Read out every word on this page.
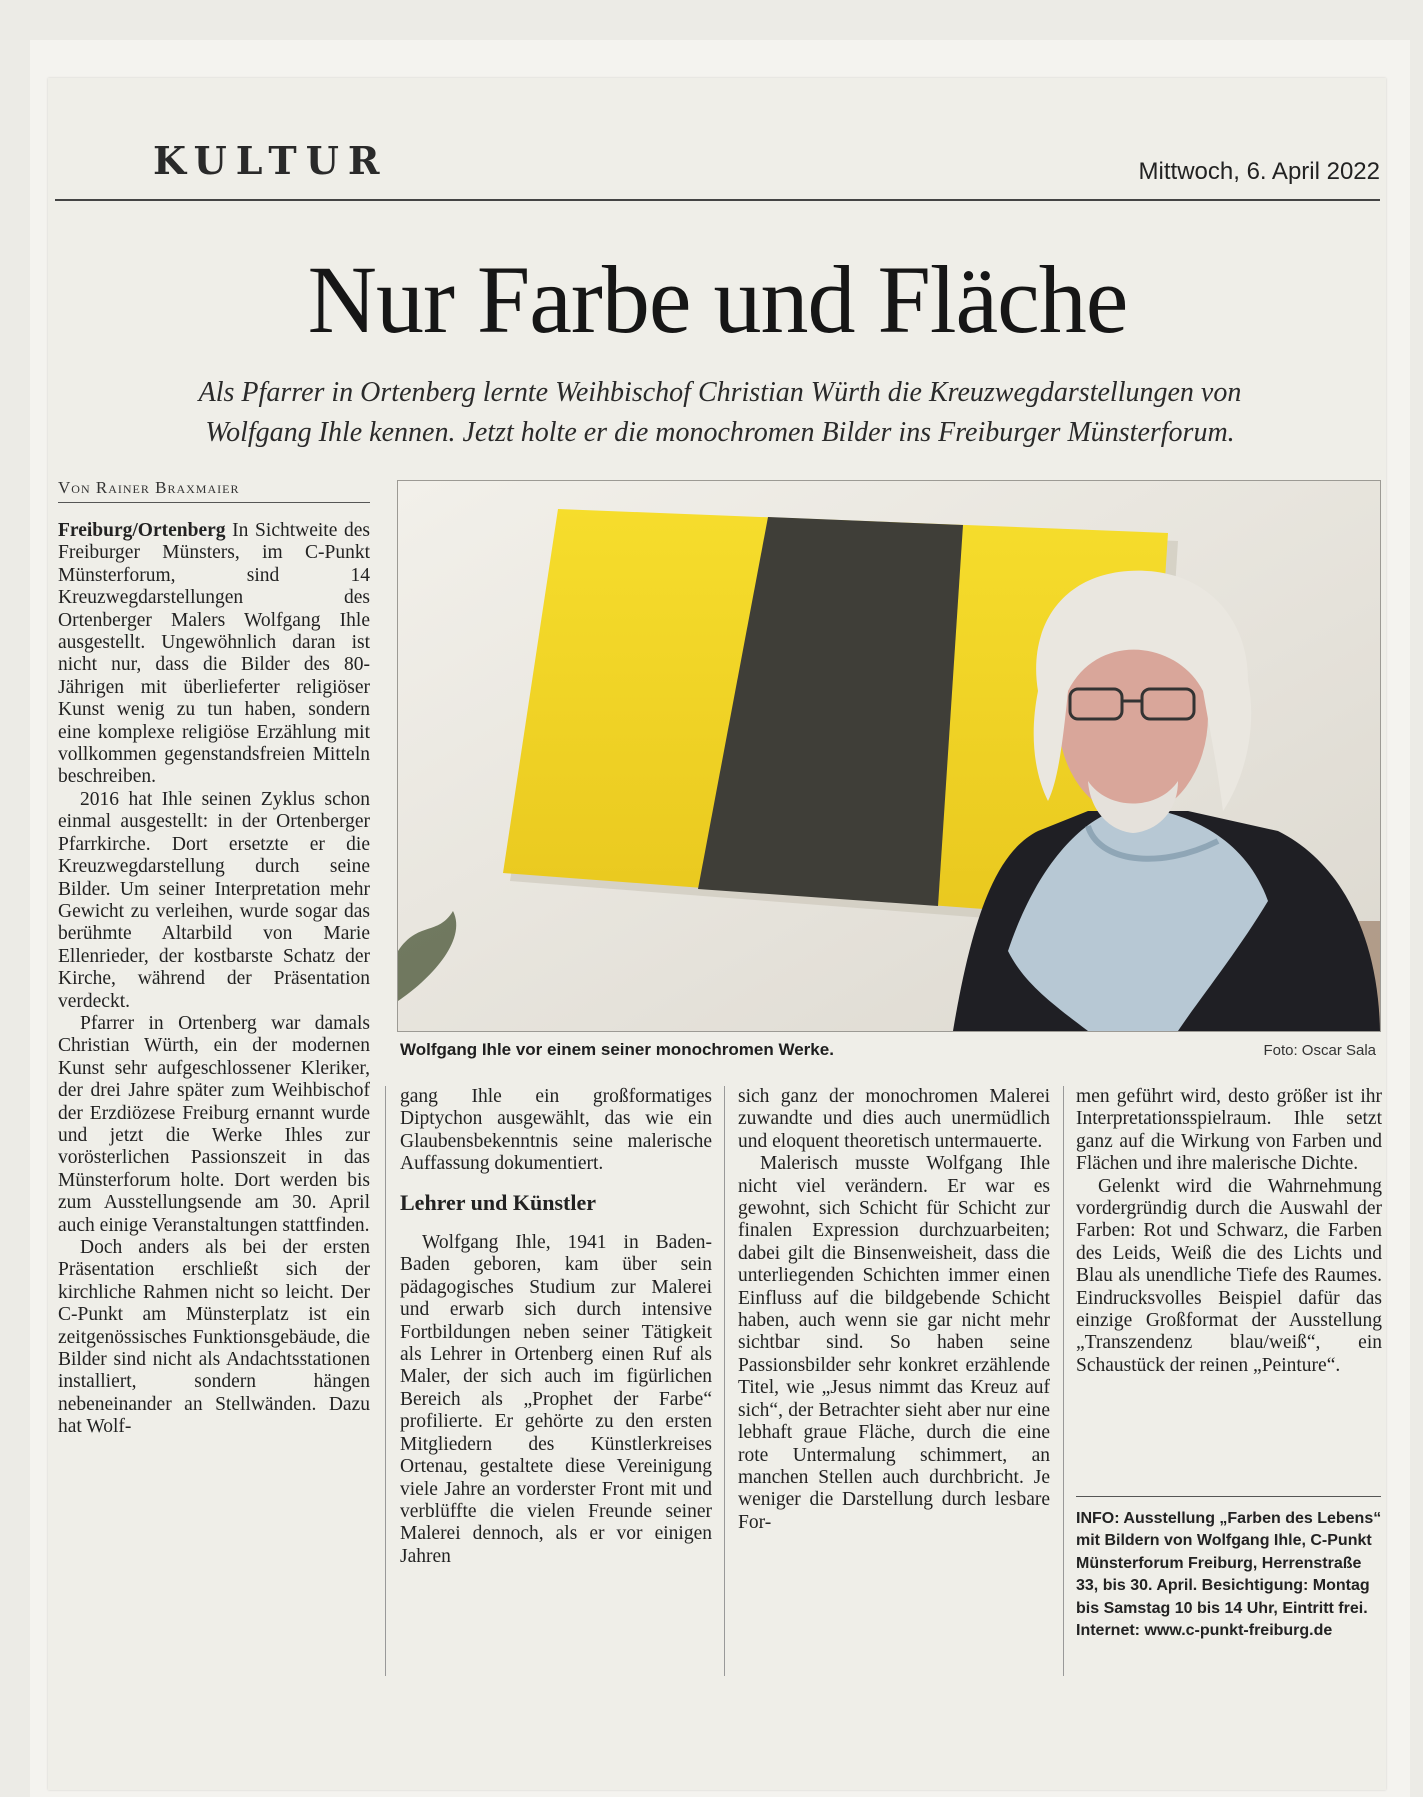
KULTUR	Mittwoch, 6. April 2022
Nur Farbe und Fläche
Als Pfarrer in Ortenberg lernte Weihbischof Christian Würth die Kreuzwegdarstellungen von
Wolfgang Ihle kennen. Jetzt holte er die monochromen Bilder ins Freiburger Münsterforum.
Von Rainer Braxmaier
Wolfgang Ihle vor einem seiner monochromen Werke.	Foto: Oscar Sala

Freiburg/Ortenberg In Sichtweite des Freiburger Münsters, im C-Punkt Münsterforum, sind 14 Kreuzwegdarstellungen des Ortenberger Malers Wolfgang Ihle ausgestellt. Ungewöhnlich daran ist nicht nur, dass die Bilder des 80-Jährigen mit überlieferter religiöser Kunst wenig zu tun haben, sondern eine komplexe religiöse Erzählung mit vollkommen gegenstandsfreien Mitteln beschreiben.

2016 hat Ihle seinen Zyklus schon einmal ausgestellt: in der Ortenberger Pfarrkirche. Dort ersetzte er die Kreuzwegdarstellung durch seine Bilder. Um seiner Interpretation mehr Gewicht zu verleihen, wurde sogar das berühmte Altarbild von Marie Ellenrieder, der kostbarste Schatz der Kirche, während der Präsentation verdeckt.

Pfarrer in Ortenberg war damals Christian Würth, ein der modernen Kunst sehr aufgeschlossener Kleriker, der drei Jahre später zum Weihbischof der Erzdiözese Freiburg ernannt wurde und jetzt die Werke Ihles zur vorösterlichen Passionszeit in das Münsterforum holte. Dort werden bis zum Ausstellungsende am 30. April auch einige Veranstaltungen stattfinden.

Doch anders als bei der ersten Präsentation erschließt sich der kirchliche Rahmen nicht so leicht. Der C-Punkt am Münsterplatz ist ein zeitgenössisches Funktionsgebäude, die Bilder sind nicht als Andachtsstationen installiert, sondern hängen nebeneinander an Stellwänden. Dazu hat Wolf-

gang Ihle ein großformatiges Diptychon ausgewählt, das wie ein Glaubensbekenntnis seine malerische Auffassung dokumentiert.

Lehrer und Künstler

Wolfgang Ihle, 1941 in Baden-Baden geboren, kam über sein pädagogisches Studium zur Malerei und erwarb sich durch intensive Fortbildungen neben seiner Tätigkeit als Lehrer in Ortenberg einen Ruf als Maler, der sich auch im figürlichen Bereich als „Prophet der Farbe“ profilierte. Er gehörte zu den ersten Mitgliedern des Künstlerkreises Ortenau, gestaltete diese Vereinigung viele Jahre an vorderster Front mit und verblüffte die vielen Freunde seiner Malerei dennoch, als er vor einigen Jahren

sich ganz der monochromen Malerei zuwandte und dies auch unermüdlich und eloquent theoretisch untermauerte.

Malerisch musste Wolfgang Ihle nicht viel verändern. Er war es gewohnt, sich Schicht für Schicht zur finalen Expression durchzuarbeiten; dabei gilt die Binsenweisheit, dass die unterliegenden Schichten immer einen Einfluss auf die bildgebende Schicht haben, auch wenn sie gar nicht mehr sichtbar sind. So haben seine Passionsbilder sehr konkret erzählende Titel, wie „Jesus nimmt das Kreuz auf sich“, der Betrachter sieht aber nur eine lebhaft graue Fläche, durch die eine rote Untermalung schimmert, an manchen Stellen auch durchbricht. Je weniger die Darstellung durch lesbare For-

men geführt wird, desto größer ist ihr Interpretationsspielraum. Ihle setzt ganz auf die Wirkung von Farben und Flächen und ihre malerische Dichte.

Gelenkt wird die Wahrnehmung vordergründig durch die Auswahl der Farben: Rot und Schwarz, die Farben des Leids, Weiß die des Lichts und Blau als unendliche Tiefe des Raumes. Eindrucksvolles Beispiel dafür das einzige Großformat der Ausstellung „Transzendenz blau/weiß“, ein Schaustück der reinen „Peinture“.

INFO: Ausstellung „Farben des Lebens“ mit Bildern von Wolfgang Ihle, C-Punkt Münsterforum Freiburg, Herrenstraße 33, bis 30. April. Besichtigung: Montag bis Samstag 10 bis 14 Uhr, Eintritt frei. Internet: www.c-punkt-freiburg.de
